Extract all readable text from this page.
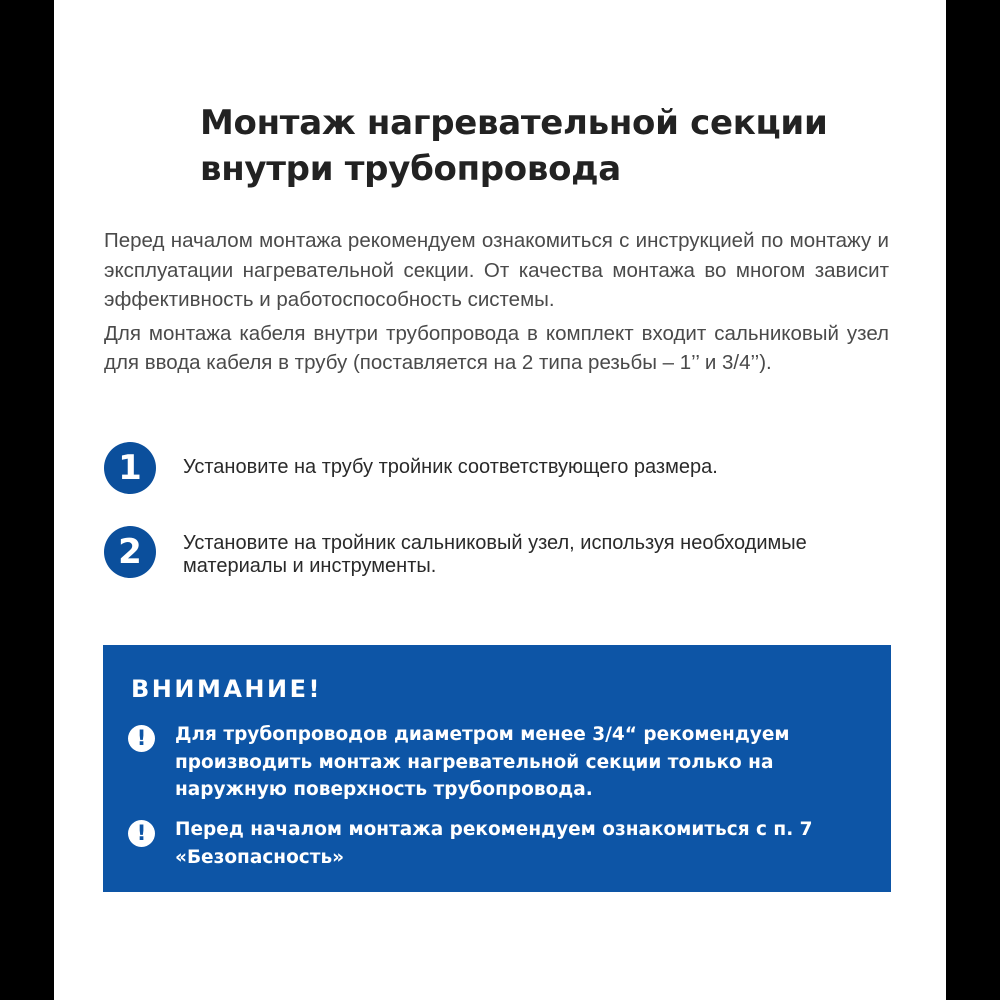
Монтаж нагревательной секции
внутри трубопровода

Перед началом монтажа рекомендуем ознакомиться с инструкцией по монтажу и эксплуатации нагревательной секции. От качества монтажа во многом зависит эффективность и работоспособность системы.

Для монтажа кабеля внутри трубопровода в комплект входит сальниковый узел для ввода кабеля в трубу (поставляется на 2 типа резьбы – 1’’ и 3/4’’).

1	Установите на трубу тройник соответствующего размера.
2	Установите на тройник сальниковый узел, используя необходимые материалы и инструменты.
ВНИМАНИЕ!
!	Для трубопроводов диаметром менее 3/4“ рекомендуем производить монтаж нагревательной секции только на наружную поверхность трубопровода.
!	Перед началом монтажа рекомендуем ознакомиться с п. 7 «Безопасность»
